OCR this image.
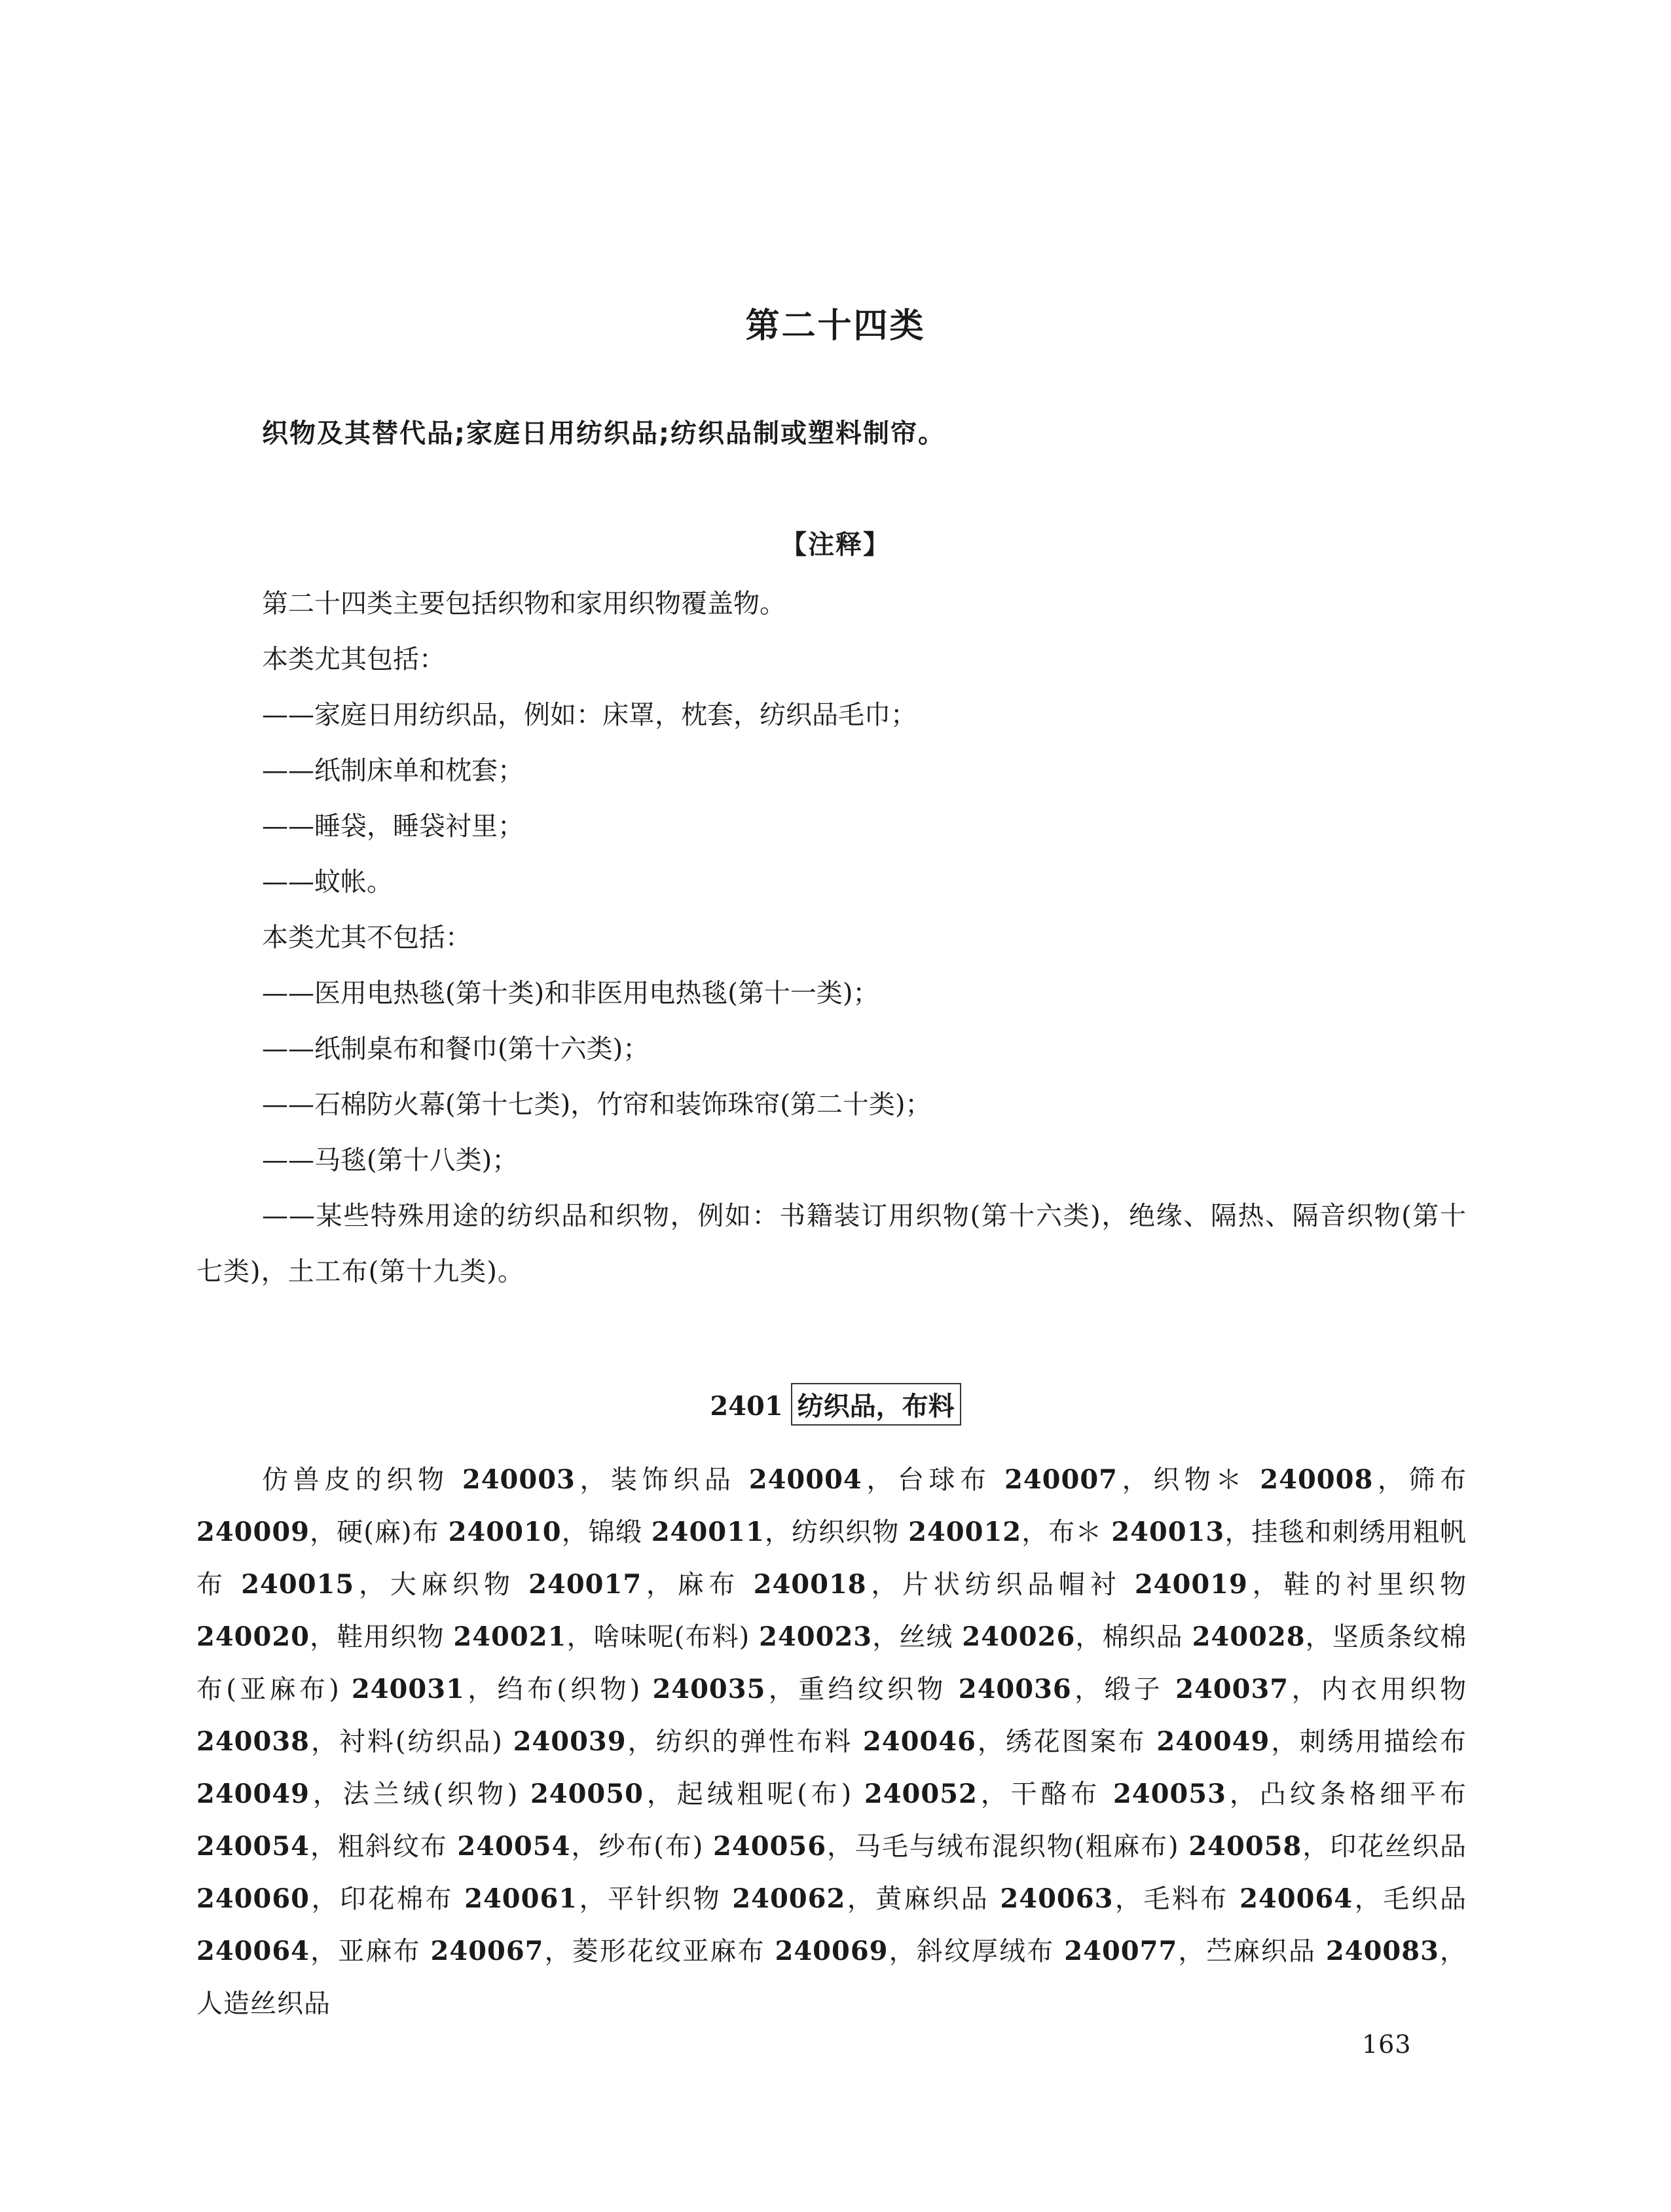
第二十四类
织物及其替代品;家庭日用纺织品;纺织品制或塑料制帘。
【注释】

第二十四类主要包括织物和家用织物覆盖物。

本类尤其包括：

——家庭日用纺织品，例如：床罩，枕套，纺织品毛巾；

——纸制床单和枕套；

——睡袋，睡袋衬里；

——蚊帐。

本类尤其不包括：

——医用电热毯(第十类)和非医用电热毯(第十一类)；

——纸制桌布和餐巾(第十六类)；

——石棉防火幕(第十七类)，竹帘和装饰珠帘(第二十类)；

——马毯(第十八类)；

——某些特殊用途的纺织品和织物，例如：书籍装订用织物(第十六类)，绝缘、隔热、隔音织物(第十七类)，土工布(第十九类)。

2401 纺织品，布料

仿兽皮的织物 240003，装饰织品 240004，台球布 240007，织物＊ 240008，筛布 240009，硬(麻)布 240010，锦缎 240011，纺织织物 240012，布＊ 240013，挂毯和刺绣用粗帆布 240015，大麻织物 240017，麻布 240018，片状纺织品帽衬 240019，鞋的衬里织物 240020，鞋用织物 240021，啥味呢(布料) 240023，丝绒 240026，棉织品 240028，坚质条纹棉布(亚麻布) 240031，绉布(织物) 240035，重绉纹织物 240036，缎子 240037，内衣用织物 240038，衬料(纺织品) 240039，纺织的弹性布料 240046，绣花图案布 240049，刺绣用描绘布 240049，法兰绒(织物) 240050，起绒粗呢(布) 240052，干酪布 240053，凸纹条格细平布 240054，粗斜纹布 240054，纱布(布) 240056，马毛与绒布混织物(粗麻布) 240058，印花丝织品 240060，印花棉布 240061，平针织物 240062，黄麻织品 240063，毛料布 240064，毛织品 240064，亚麻布 240067，菱形花纹亚麻布 240069，斜纹厚绒布 240077，苎麻织品 240083，人造丝织品

163
